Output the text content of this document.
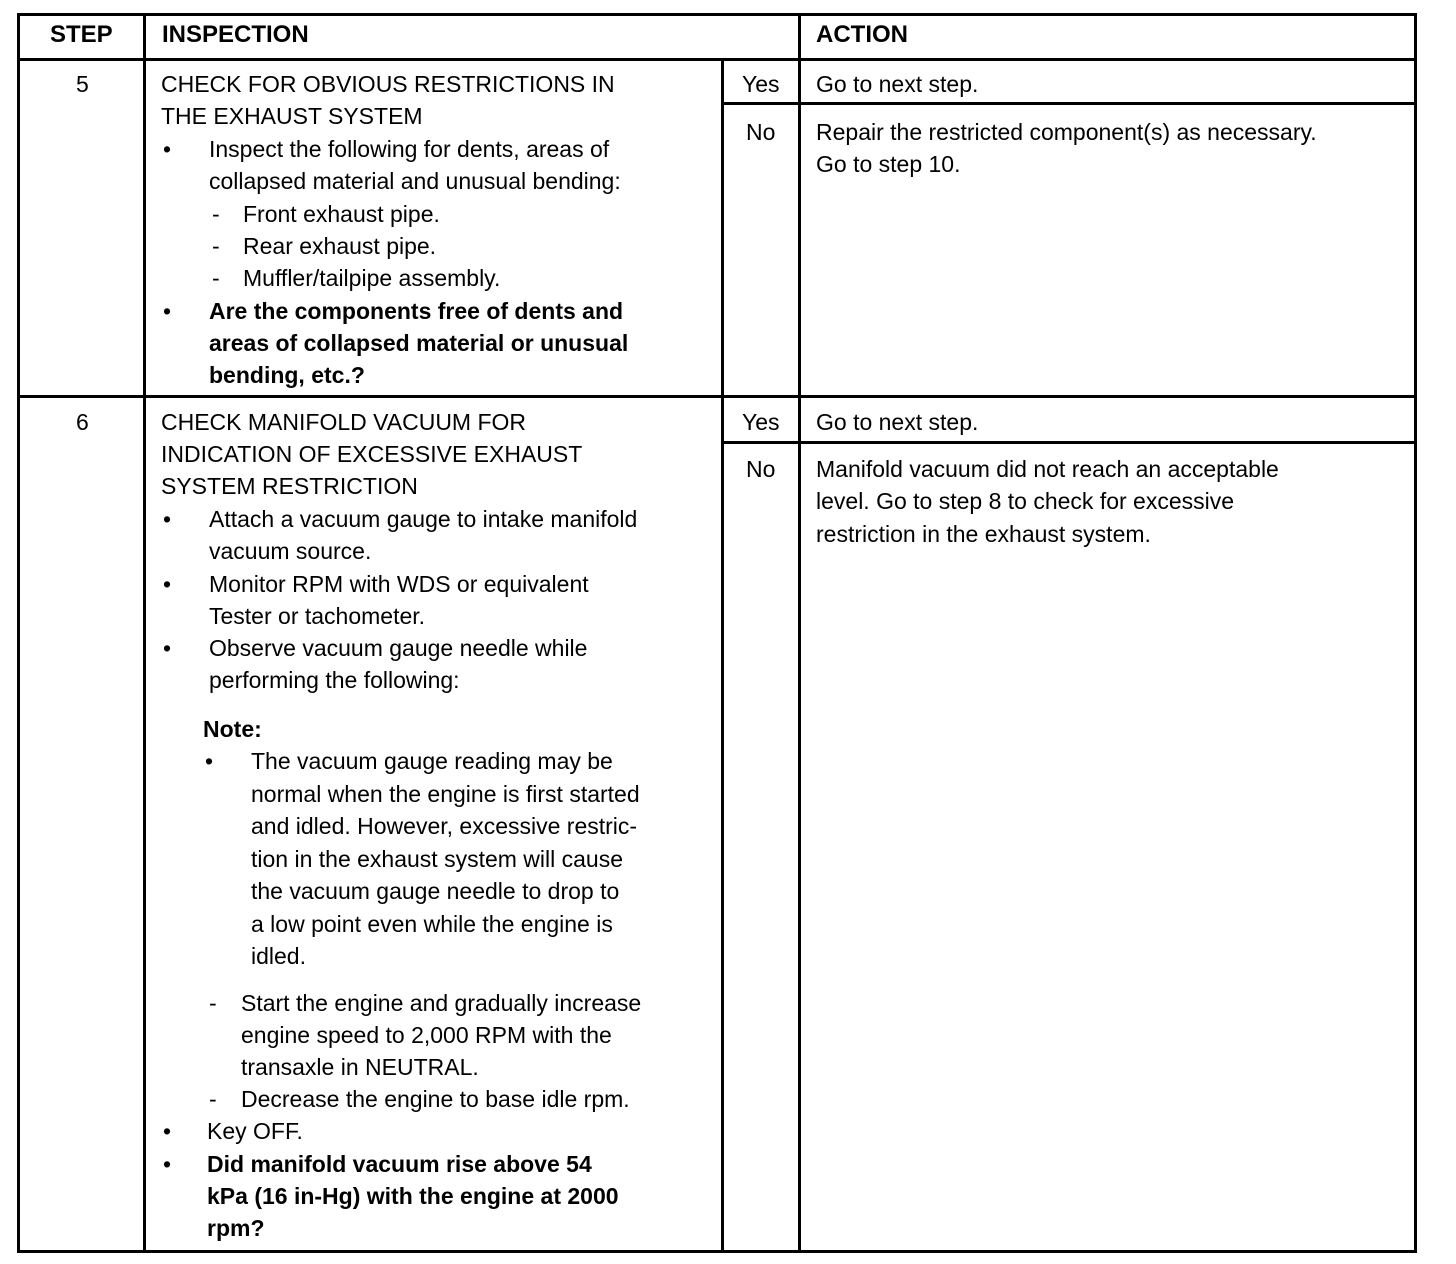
STEP INSPECTION	ACTION
5	CHECK FOR OBVIOUS RESTRICTIONS IN
THE EXHAUST SYSTEM
• Inspect the following for dents, areas of
collapsed material and unusual bending:
- Front exhaust pipe.
- Rear exhaust pipe.
- Muffler/tailpipe assembly.
• Are the components free of dents and
areas of collapsed material or unusual
bending, etc.?
Yes Go to next step.
No Repair the restricted component(s) as necessary.
Go to step 10.
6	CHECK MANIFOLD VACUUM FOR
INDICATION OF EXCESSIVE EXHAUST
SYSTEM RESTRICTION
• Attach a vacuum gauge to intake manifold
vacuum source.
• Monitor RPM with WDS or equivalent
Tester or tachometer.
• Observe vacuum gauge needle while
performing the following:
Note:
• The vacuum gauge reading may be
normal when the engine is first started
and idled. However, excessive restric-
tion in the exhaust system will cause
the vacuum gauge needle to drop to
a low point even while the engine is
idled.
- Start the engine and gradually increase
engine speed to 2,000 RPM with the
transaxle in NEUTRAL.
- Decrease the engine to base idle rpm.
• Key OFF.
• Did manifold vacuum rise above 54
kPa (16 in-Hg) with the engine at 2000
rpm?
Yes Go to next step.
No Manifold vacuum did not reach an acceptable
level. Go to step 8 to check for excessive
restriction in the exhaust system.
